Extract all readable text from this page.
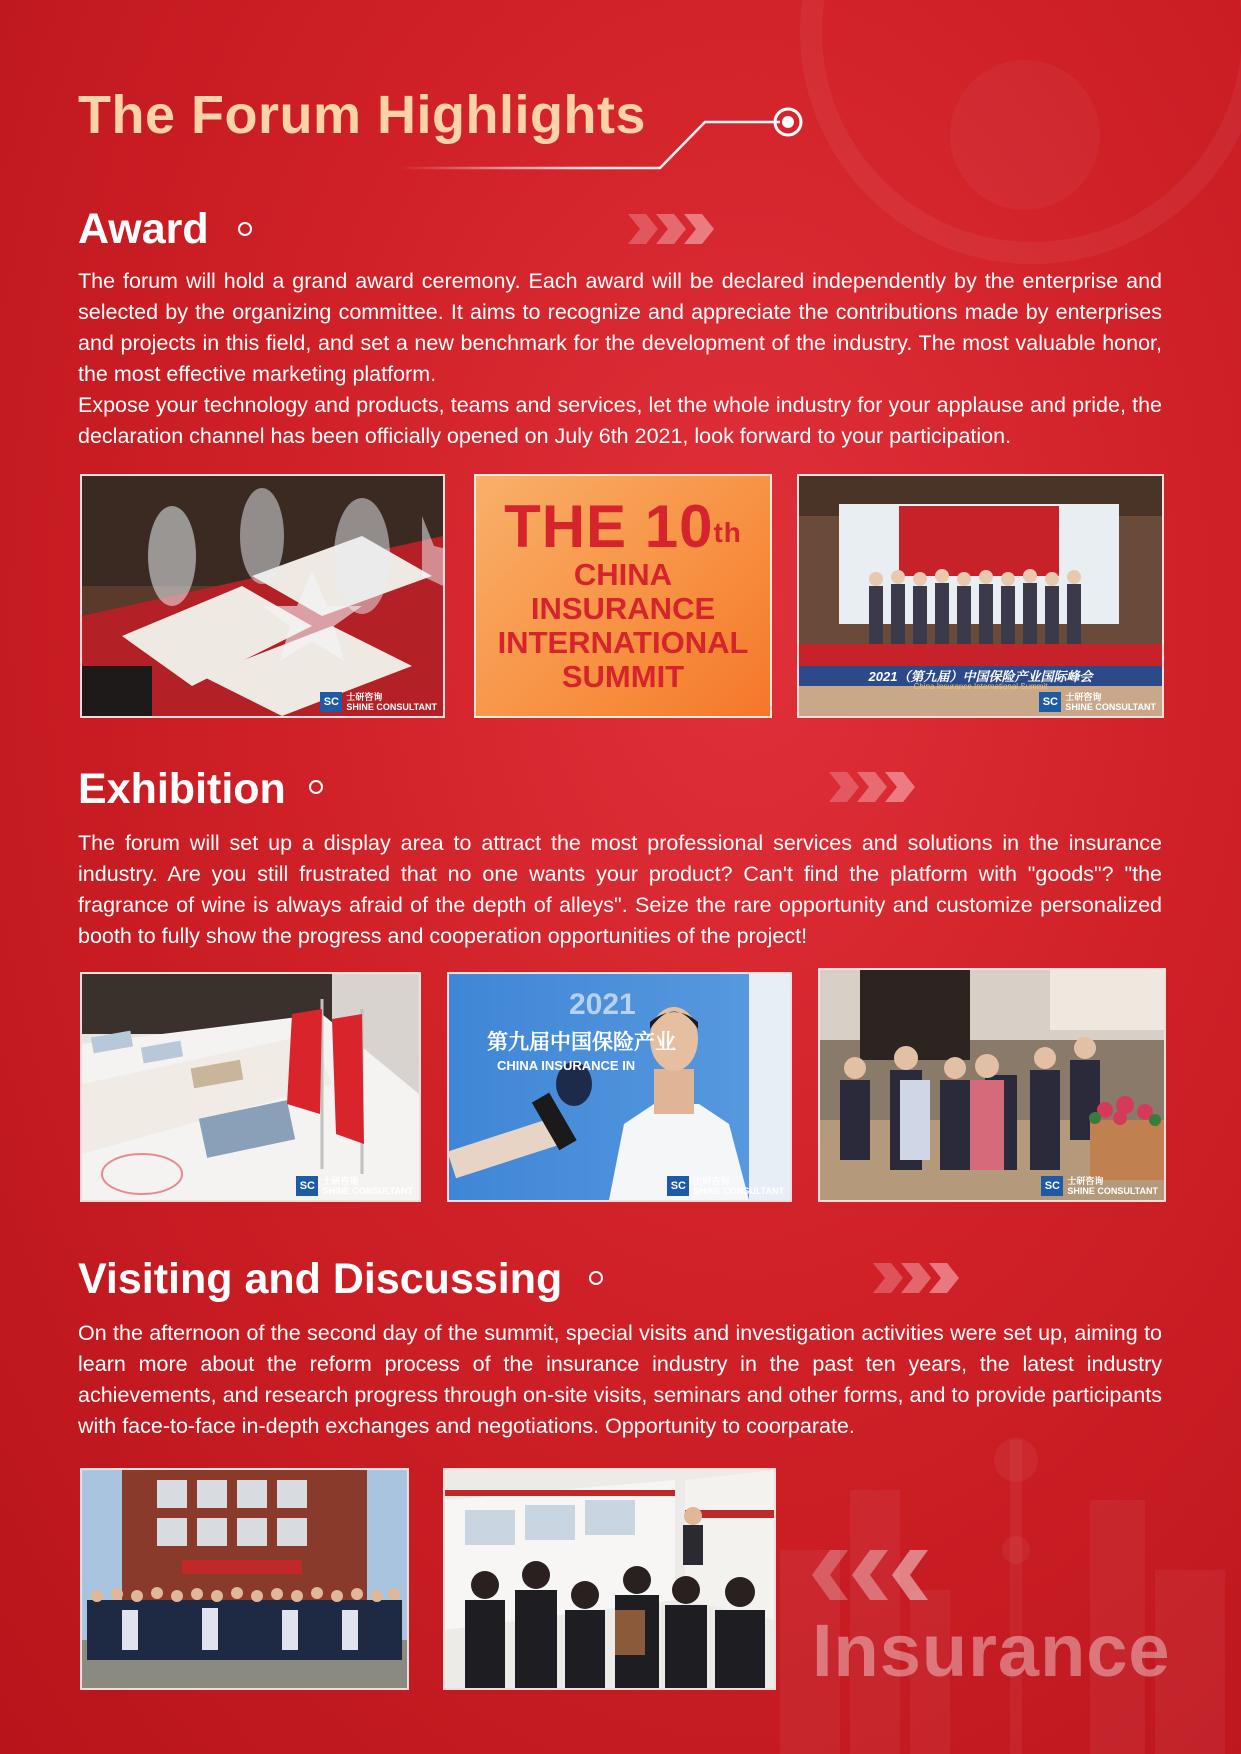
The Forum Highlights
Award

The forum will hold a grand award ceremony. Each award will be declared independently by the enterprise and selected by the organizing committee. It aims to recognize and appreciate the contributions made by enterprises and projects in this field, and set a new benchmark for the development of the industry. The most valuable honor, the most effective marketing platform.

Expose your technology and products, teams and services, let the whole industry for your applause and pride, the declaration channel has been officially opened on July 6th 2021, look forward to your participation.

SC 士研咨询
SHINE CONSULTANT
THE 10th
CHINA
INSURANCE
INTERNATIONAL
SUMMIT	2021（第九届）中国保险产业国际峰会
China Insurance International Summit
SC 士研咨询
SHINE CONSULTANT
Exhibition

The forum will set up a display area to attract the most professional services and solutions in the insurance industry. Are you still frustrated that no one wants your product? Can't find the platform with "goods"? "the fragrance of wine is always afraid of the depth of alleys". Seize the rare opportunity and customize personalized booth to fully show the progress and cooperation opportunities of the project!

SC 士研咨询
SHINE CONSULTANT
2021
第九届中国保险产业
CHINA INSURANCE IN
SC 士研咨询
SHINE CONSULTANT	SC 士研咨询
SHINE CONSULTANT
Visiting and Discussing

On the afternoon of the second day of the summit, special visits and investigation activities were set up, aiming to learn more about the reform process of the insurance industry in the past ten years, the latest industry achievements, and research progress through on-site visits, seminars and other forms, and to provide participants with face-to-face in-depth exchanges and negotiations. Opportunity to coorparate.

Insurance
